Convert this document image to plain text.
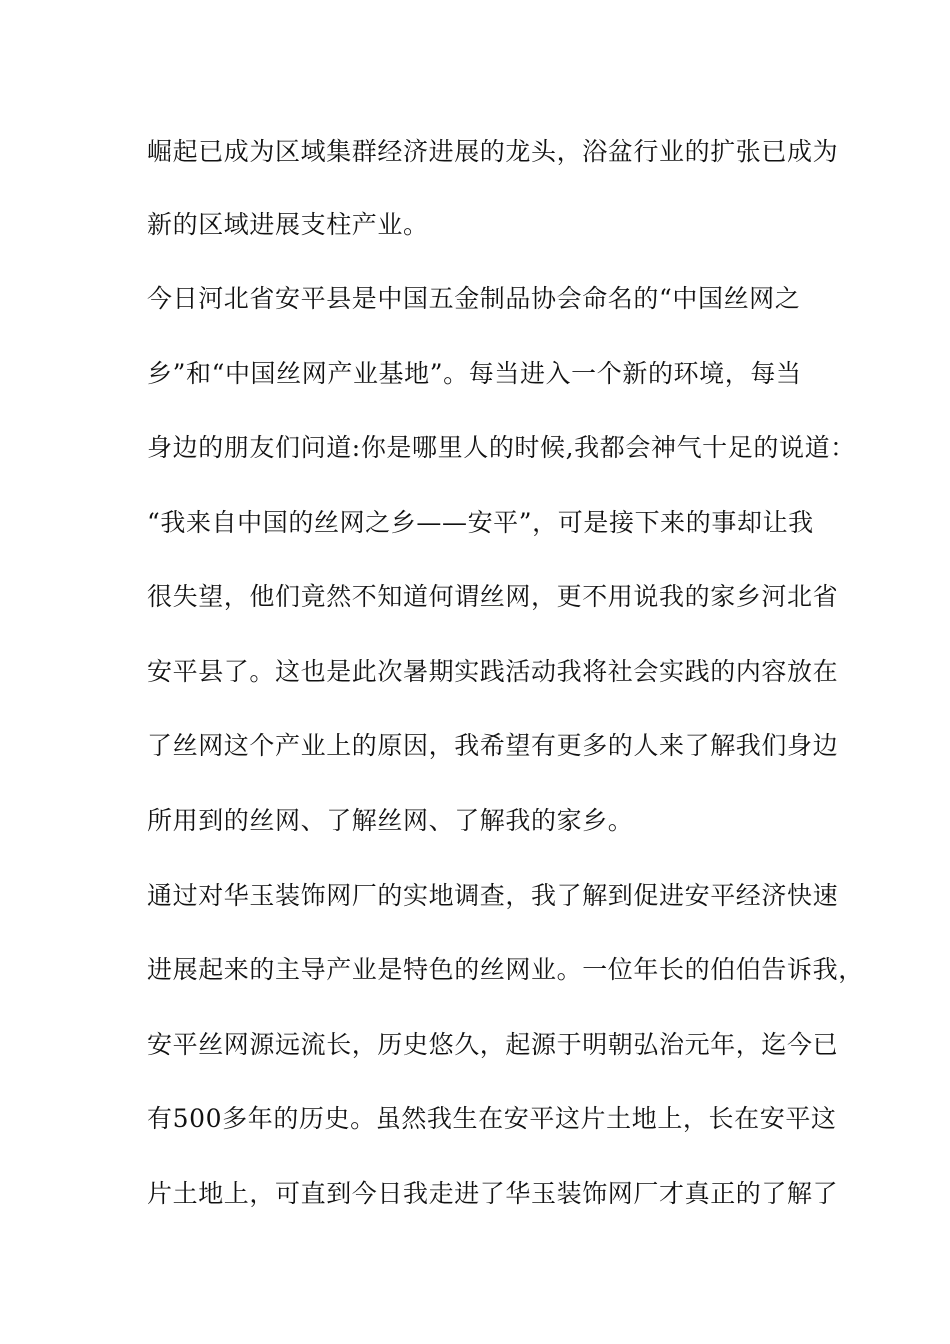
崛起已成为区域集群经济进展的龙头，浴盆行业的扩张已成为
新的区域进展支柱产业。
今日河北省安平县是中国五金制品协会命名的“中国丝网之
乡”和“中国丝网产业基地”。每当进入一个新的环境，每当
身边的朋友们问道:你是哪里人的时候,我都会神气十足的说道：
“我来自中国的丝网之乡——安平”，可是接下来的事却让我
很失望，他们竟然不知道何谓丝网，更不用说我的家乡河北省
安平县了。这也是此次暑期实践活动我将社会实践的内容放在
了丝网这个产业上的原因，我希望有更多的人来了解我们身边
所用到的丝网、了解丝网、了解我的家乡。
通过对华玉装饰网厂的实地调查，我了解到促进安平经济快速
进展起来的主导产业是特色的丝网业。一位年长的伯伯告诉我，
安平丝网源远流长，历史悠久，起源于明朝弘治元年，迄今已
有500多年的历史。虽然我生在安平这片土地上，长在安平这
片土地上，可直到今日我走进了华玉装饰网厂才真正的了解了
